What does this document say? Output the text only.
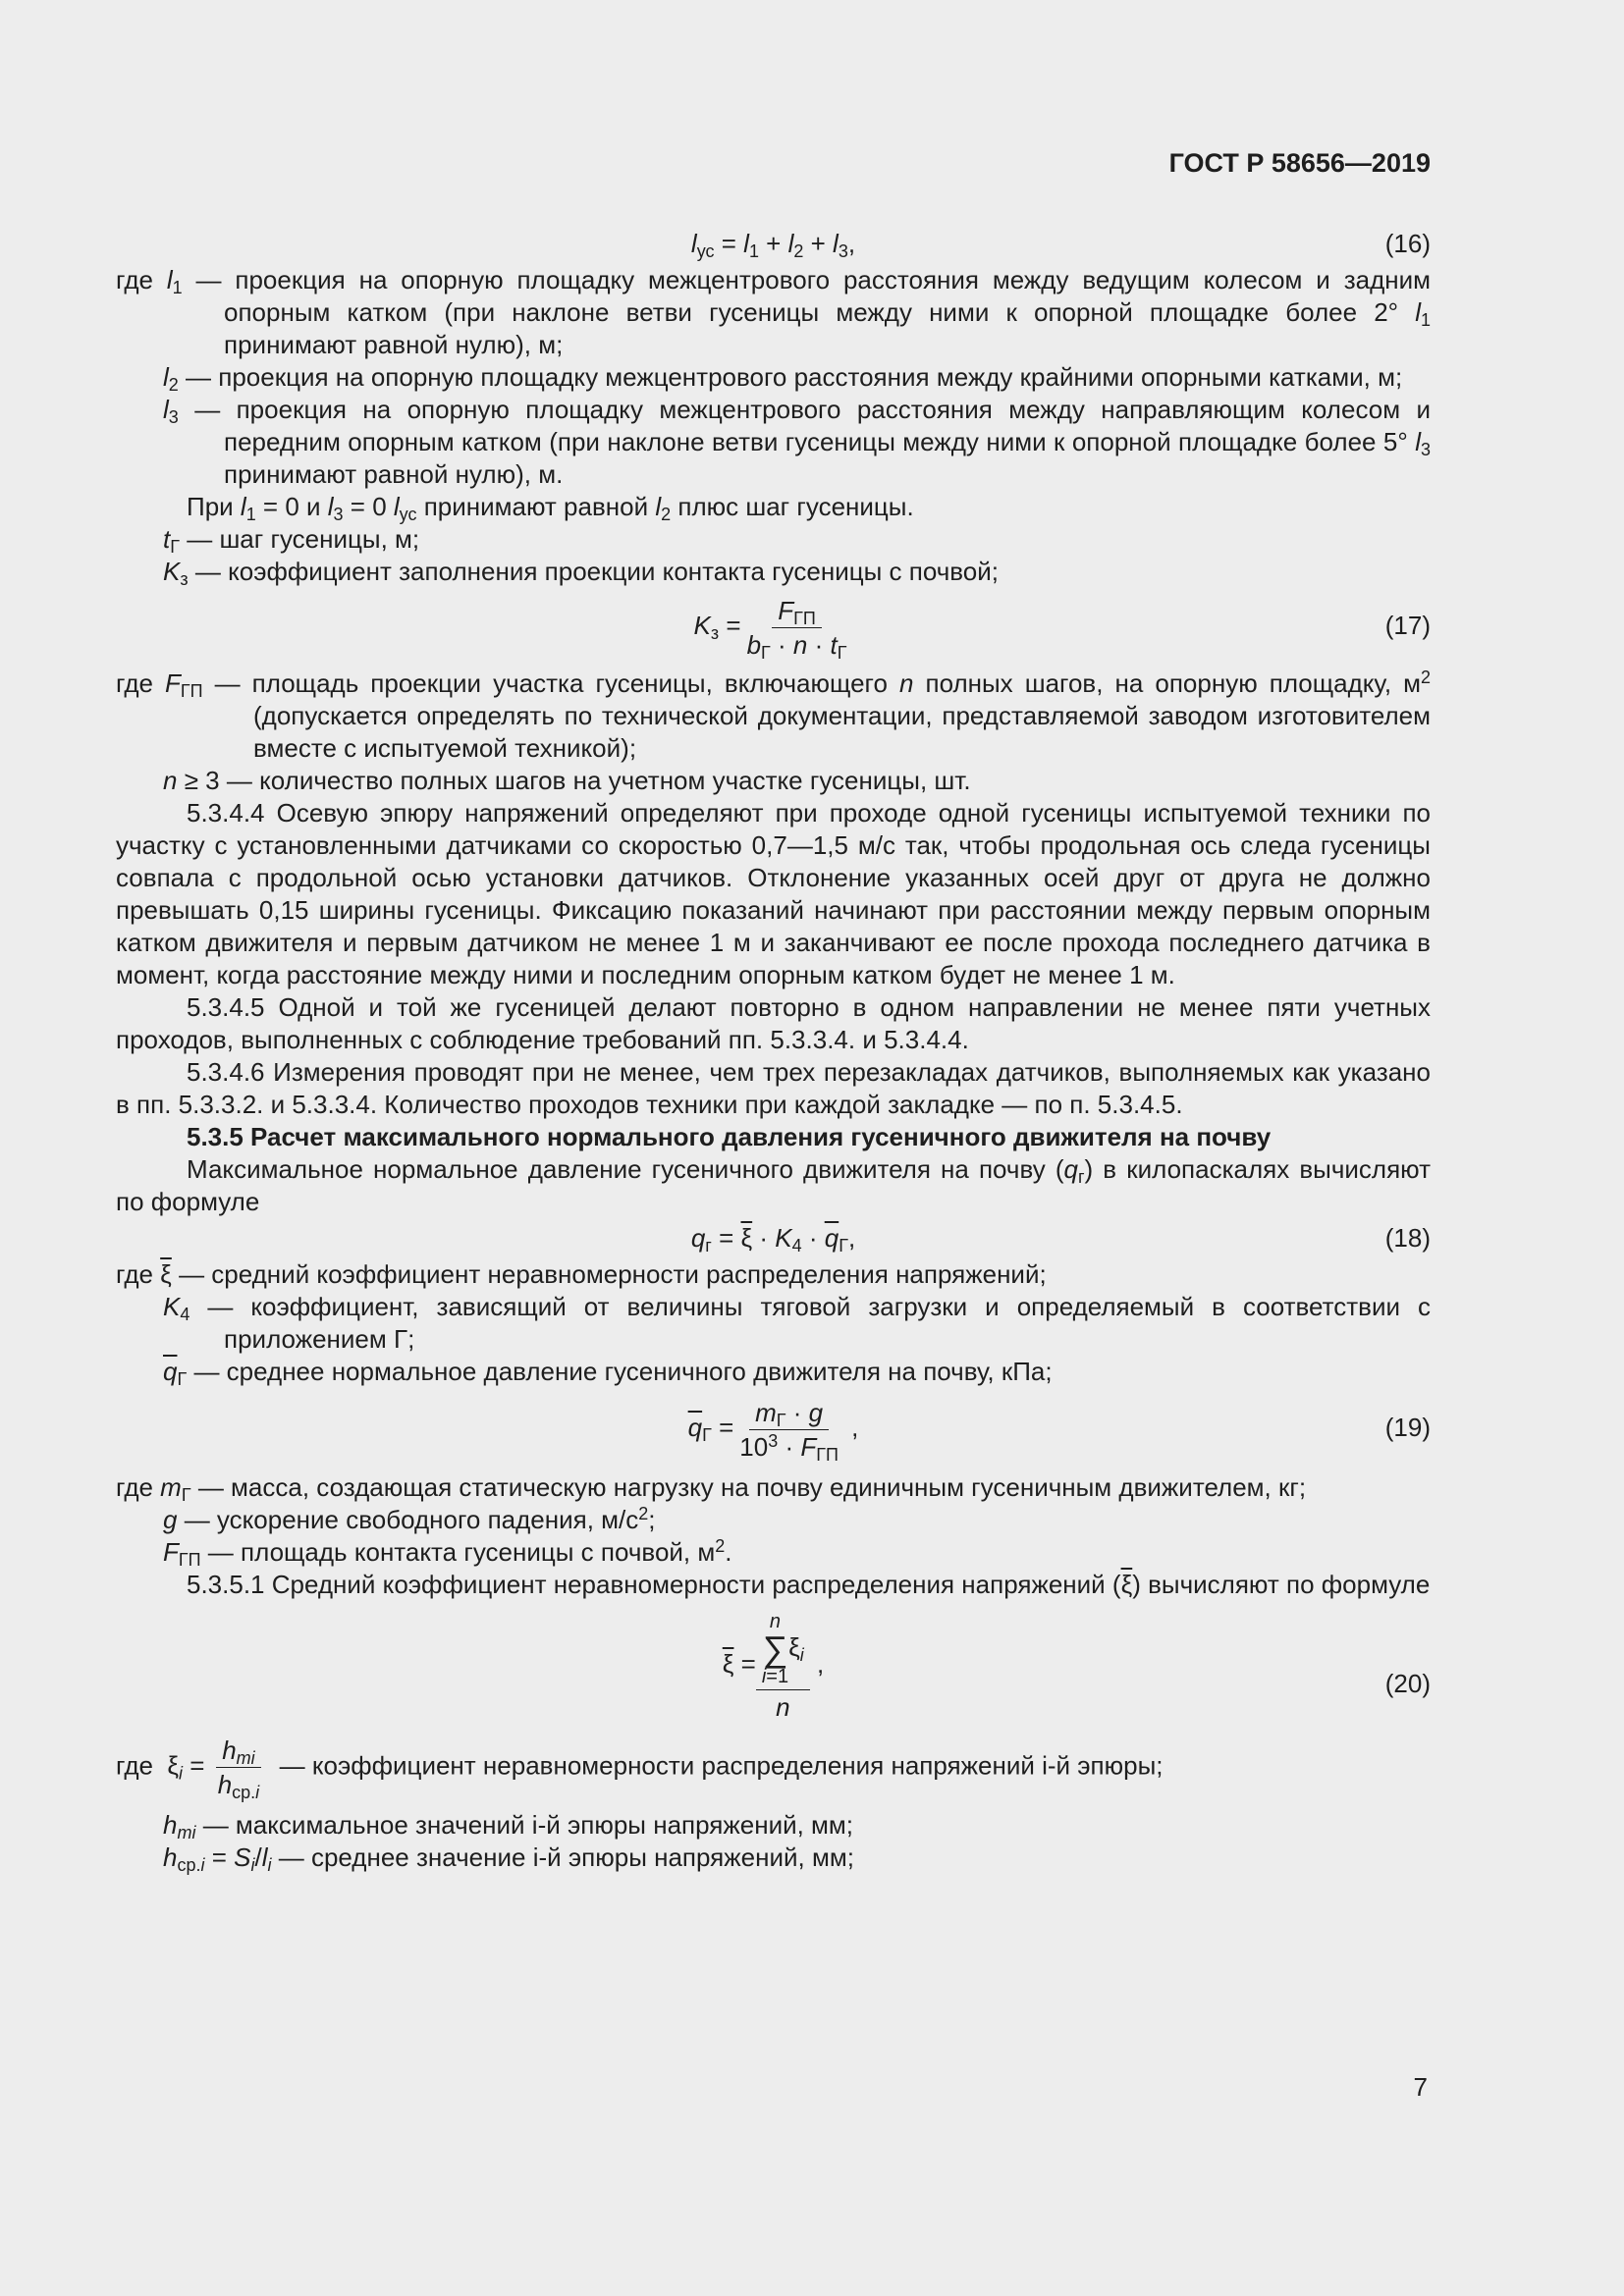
ГОСТ Р 58656—2019
$l_{ус} = l_1 + l_2 + l_3$,	(16)

где $l_1$ — проекция на опорную площадку межцентрового расстояния между ведущим колесом и задним опорным катком (при наклоне ветви гусеницы между ними к опорной площадке более 2° $l_1$ принимают равной нулю), м;

$l_2$ — проекция на опорную площадку межцентрового расстояния между крайними опорными катками, м;

$l_3$ — проекция на опорную площадку межцентрового расстояния между направляющим колесом и передним опорным катком (при наклоне ветви гусеницы между ними к опорной площадке более 5° $l_3$ принимают равной нулю), м.

При $l_1 = 0$ и $l_3 = 0$ $l_{ус}$ принимают равной $l_2$ плюс шаг гусеницы.

$t_Г$ — шаг гусеницы, м;

$K_з$ — коэффициент заполнения проекции контакта гусеницы с почвой;

$K_з = \frac{F_{ГП}}{b_Г \cdot n \cdot t_Г}$	(17)

где $F_{ГП}$ — площадь проекции участка гусеницы, включающего n полных шагов, на опорную площадку, $м^2$ (допускается определять по технической документации, представляемой заводом изготовителем вместе с испытуемой техникой);

n ≥ 3 — количество полных шагов на учетном участке гусеницы, шт.

5.3.4.4 Осевую эпюру напряжений определяют при проходе одной гусеницы испытуемой техники по участку с установленными датчиками со скоростью 0,7—1,5 м/с так, чтобы продольная ось следа гусеницы совпала с продольной осью установки датчиков. Отклонение указанных осей друг от друга не должно превышать 0,15 ширины гусеницы. Фиксацию показаний начинают при расстоянии между первым опорным катком движителя и первым датчиком не менее 1 м и заканчивают ее после прохода последнего датчика в момент, когда расстояние между ними и последним опорным катком будет не менее 1 м.

5.3.4.5 Одной и той же гусеницей делают повторно в одном направлении не менее пяти учетных проходов, выполненных с соблюдение требований пп. 5.3.3.4. и 5.3.4.4.

5.3.4.6 Измерения проводят при не менее, чем трех перезакладах датчиков, выполняемых как указано в пп. 5.3.3.2. и 5.3.3.4. Количество проходов техники при каждой закладке — по п. 5.3.4.5.

5.3.5 Расчет максимального нормального давления гусеничного движителя на почву

Максимальное нормальное давление гусеничного движителя на почву $(q_г)$ в килопаскалях вычисляют по формуле

$q_г = \overline{\xi} \cdot K_4 \cdot \overline{q}_Г$,	(18)

где $\overline{\xi}$ — средний коэффициент неравномерности распределения напряжений;

$K_4$ — коэффициент, зависящий от величины тяговой загрузки и определяемый в соответствии с приложением Г;

$\overline{q}_Г$ — среднее нормальное давление гусеничного движителя на почву, кПа;

$\overline{q}_Г = \frac{m_Г \cdot g}{10^3 \cdot F_{ГП}}$ ,	(19)

где $m_Г$ — масса, создающая статическую нагрузку на почву единичным гусеничным движителем, кг;

g — ускорение свободного падения, $м/с^2$;

$F_{ГП}$ — площадь контакта гусеницы с почвой, $м^2$.

5.3.5.1 Средний коэффициент неравномерности распределения напряжений $(\overline{\xi})$ вычисляют по формуле

$\overline{\xi} = n$
∑
i=1
$\xi_i$
n ,
(20)

где  $\xi_i = \frac{h_{mi}}{h_{ср.i}}$ — коэффициент неравномерности распределения напряжений i-й эпюры;

$h_{mi}$ — максимальное значений i-й эпюры напряжений, мм;

$h_{ср.i} = S_i/l_i$ — среднее значение i-й эпюры напряжений, мм;

7
